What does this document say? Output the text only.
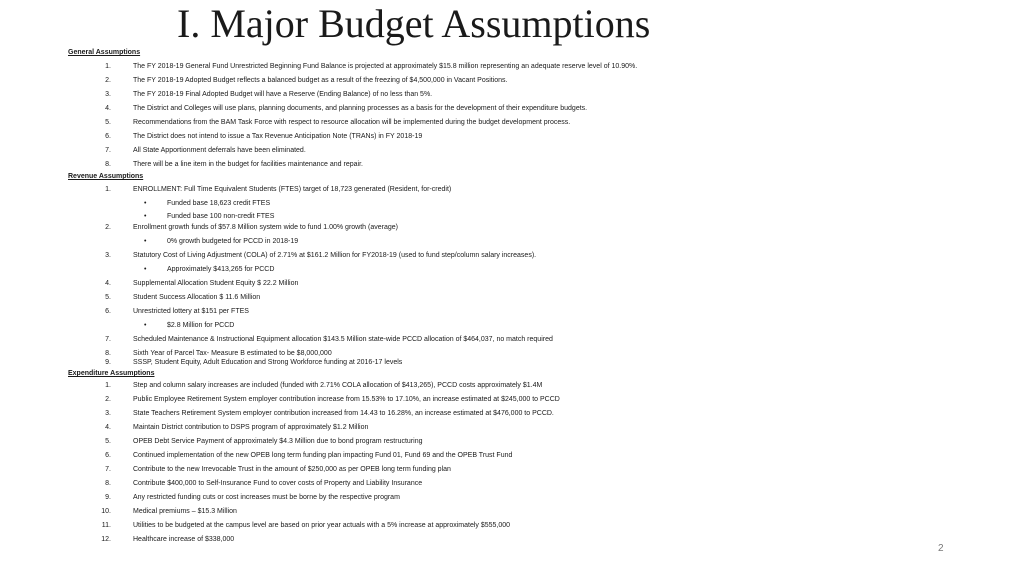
I. Major Budget Assumptions
General Assumptions
1.	The FY 2018-19 General Fund Unrestricted Beginning Fund Balance is projected at approximately $15.8 million representing an adequate reserve level of 10.90%.
2.	The FY 2018-19 Adopted Budget reflects a balanced budget as a result of the freezing of $4,500,000 in Vacant Positions.
3.	The FY 2018-19 Final Adopted Budget will have a Reserve (Ending Balance) of no less than 5%.
4.	The District and Colleges will use plans, planning documents, and planning processes as a basis for the development of their expenditure budgets.
5.	Recommendations from the BAM Task Force with respect to resource allocation will be implemented during the budget development process.
6.	The District does not intend to issue a Tax Revenue Anticipation Note (TRANs) in FY 2018-19
7.	All State Apportionment deferrals have been eliminated.
8.	There will be a line item in the budget for facilities maintenance and repair.
Revenue Assumptions
1.	ENROLLMENT: Full Time Equivalent Students (FTES) target of 18,723 generated (Resident, for-credit)
•	Funded base 18,623 credit FTES
•	Funded base 100 non-credit FTES
2.	Enrollment growth funds of $57.8 Million system wide to fund 1.00% growth (average)
•	0% growth budgeted for PCCD in 2018-19
3.	Statutory Cost of Living Adjustment (COLA) of 2.71% at $161.2 Million for FY2018-19 (used to fund step/column salary increases).
•	Approximately $413,265 for PCCD
4.	Supplemental Allocation Student Equity $ 22.2 Million
5.	Student Success Allocation $ 11.6 Million
6.	Unrestricted lottery at $151 per FTES
•	$2.8 Million for PCCD
7.	Scheduled Maintenance & Instructional Equipment allocation $143.5 Million state-wide PCCD allocation of $464,037, no match required
8.	Sixth Year of Parcel Tax- Measure B estimated to be $8,000,000
9.	SSSP, Student Equity, Adult Education and Strong Workforce funding at 2016-17 levels
Expenditure Assumptions
1.	Step and column salary increases are included (funded with 2.71% COLA allocation of $413,265), PCCD costs approximately $1.4M
2.	Public Employee Retirement System employer contribution increase from 15.53% to 17.10%, an increase estimated at $245,000 to PCCD
3.	State Teachers Retirement System employer contribution increased from 14.43 to 16.28%, an increase estimated at $476,000 to PCCD.
4.	Maintain District contribution to DSPS program of approximately $1.2 Million
5.	OPEB Debt Service Payment of approximately $4.3 Million due to bond program restructuring
6.	Continued implementation of the new OPEB long term funding plan impacting Fund 01, Fund 69 and the OPEB Trust Fund
7.	Contribute to the new Irrevocable Trust in the amount of $250,000 as per OPEB long term funding plan
8.	Contribute $400,000 to Self-Insurance Fund to cover costs of Property and Liability Insurance
9.	Any restricted funding cuts or cost increases must be borne by the respective program
10.	Medical premiums – $15.3 Million
11.	Utilities to be budgeted at the campus level are based on prior year actuals with a 5% increase at approximately $555,000
12.	Healthcare increase of $338,000
2
